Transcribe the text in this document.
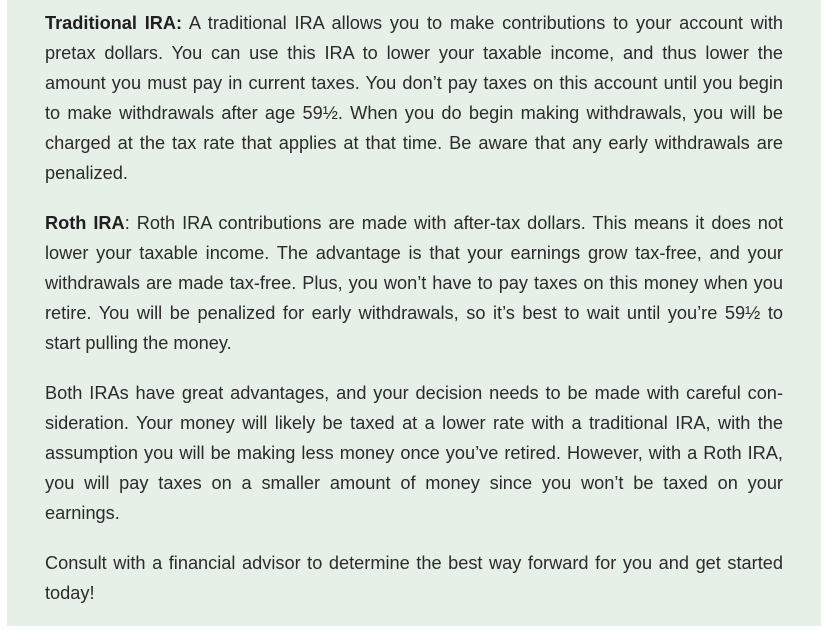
Traditional IRA: A traditional IRA allows you to make contributions to your account with pretax dollars. You can use this IRA to lower your taxable income, and thus lower the amount you must pay in current taxes. You don’t pay taxes on this account until you begin to make withdrawals after age 59½. When you do begin making withdrawals, you will be charged at the tax rate that applies at that time. Be aware that any early withdrawals are penalized.

Roth IRA: Roth IRA contributions are made with after-tax dollars. This means it does not lower your taxable income. The advantage is that your earnings grow tax-free, and your withdrawals are made tax-free. Plus, you won’t have to pay taxes on this money when you retire. You will be penalized for early withdrawals, so it’s best to wait until you’re 59½ to start pulling the money.

Both IRAs have great advantages, and your decision needs to be made with careful consideration. Your money will likely be taxed at a lower rate with a traditional IRA, with the assumption you will be making less money once you’ve retired. However, with a Roth IRA, you will pay taxes on a smaller amount of money since you won’t be taxed on your earnings.

Consult with a financial advisor to determine the best way forward for you and get started today!
